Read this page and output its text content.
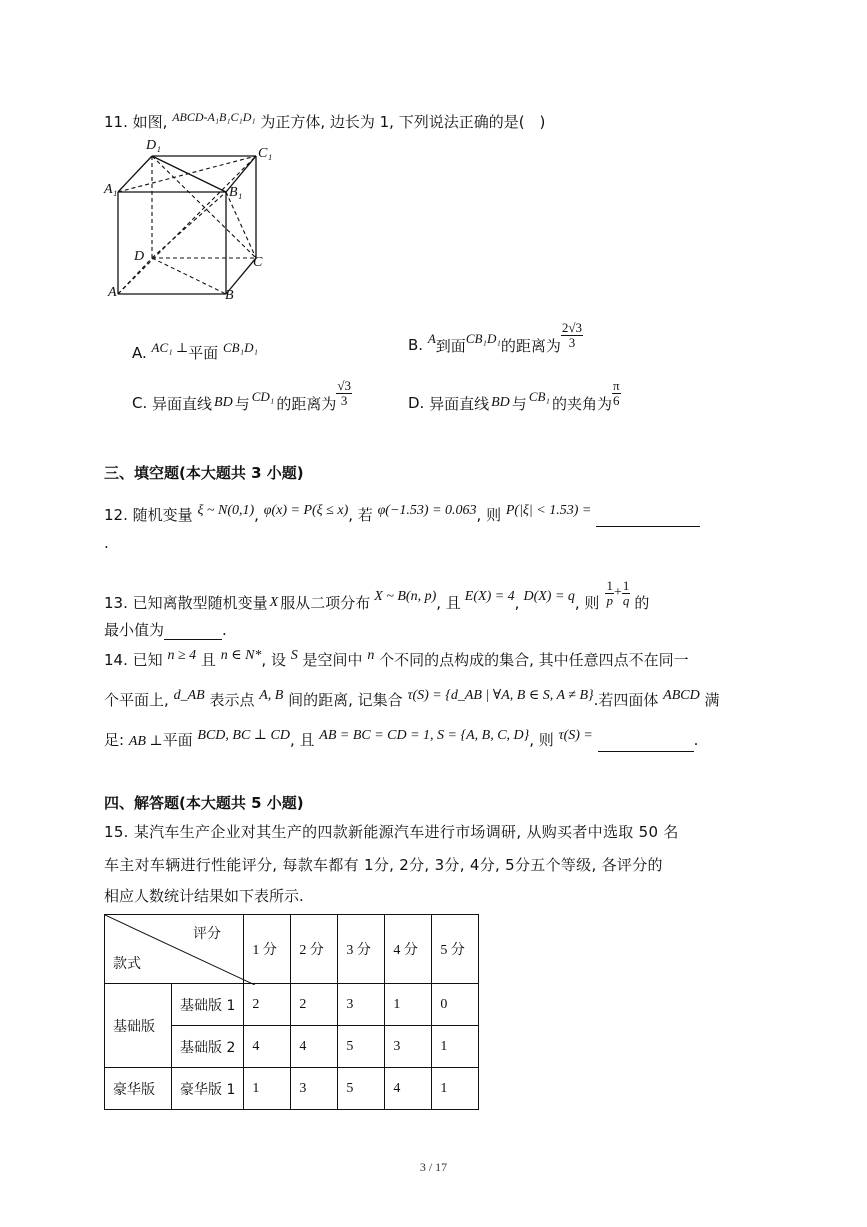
11. 如图, $^{ABCD-A_1B_1C_1D_1}$ 为正方体, 边长为 1, 下列说法正确的是(　)
D₁
C₁
A₁	B₁
D	C
A	B
A. AC₁ ⊥平面 CB₁D₁	B.
A 到面 CB₁D₁ 的距离为 $\frac{2√3}{3}$
C.
异面直线 BD 与 CD₁ 的距离为 $\frac{√3}{3}$	D.
异面直线 BD 与 CB₁ 的夹角为 $\frac{\pi}{6}$
三、填空题(本大题共 3 小题)
12. 随机变量 ξ ~ N(0,1), φ(x) = P(ξ ≤ x), 若 φ(−1.53) = 0.063, 则 P(|ξ| < 1.53) =
.
13.
已知离散型随机变量 X 服从二项分布 X ~ B(n, p) , 且 E(X) = 4 , D(X) = q , 则 $\frac{1}{p} + \frac{1}{q}$ 的
最小值为	.
14. 已知 n ≥ 4 且 n ∈ N*, 设 S 是空间中 n 个不同的点构成的集合, 其中任意四点不在同一
个平面上, d_AB 表示点 A, B 间的距离, 记集合 τ(S) = {d_AB | ∀A, B ∈ S, A ≠ B}.若四面体 ABCD 满
足: AB ⊥平面 BCD, BC ⊥ CD, 且 AB = BC = CD = 1, S = {A, B, C, D}, 则 τ(S) =	.
四、解答题(本大题共 5 小题)
15. 某汽车生产企业对其生产的四款新能源汽车进行市场调研, 从购买者中选取 50 名
车主对车辆进行性能评分, 每款车都有 1分, 2分, 3分, 4分, 5分五个等级, 各评分的
相应人数统计结果如下表所示.
评分
款式		1 分	2 分	3 分	4 分	5 分
基础版	基础版 1	2	2	3	1	0
	基础版 2	4	4	5	3	1
豪华版	豪华版 1	1	3	5	4	1
3 / 17
